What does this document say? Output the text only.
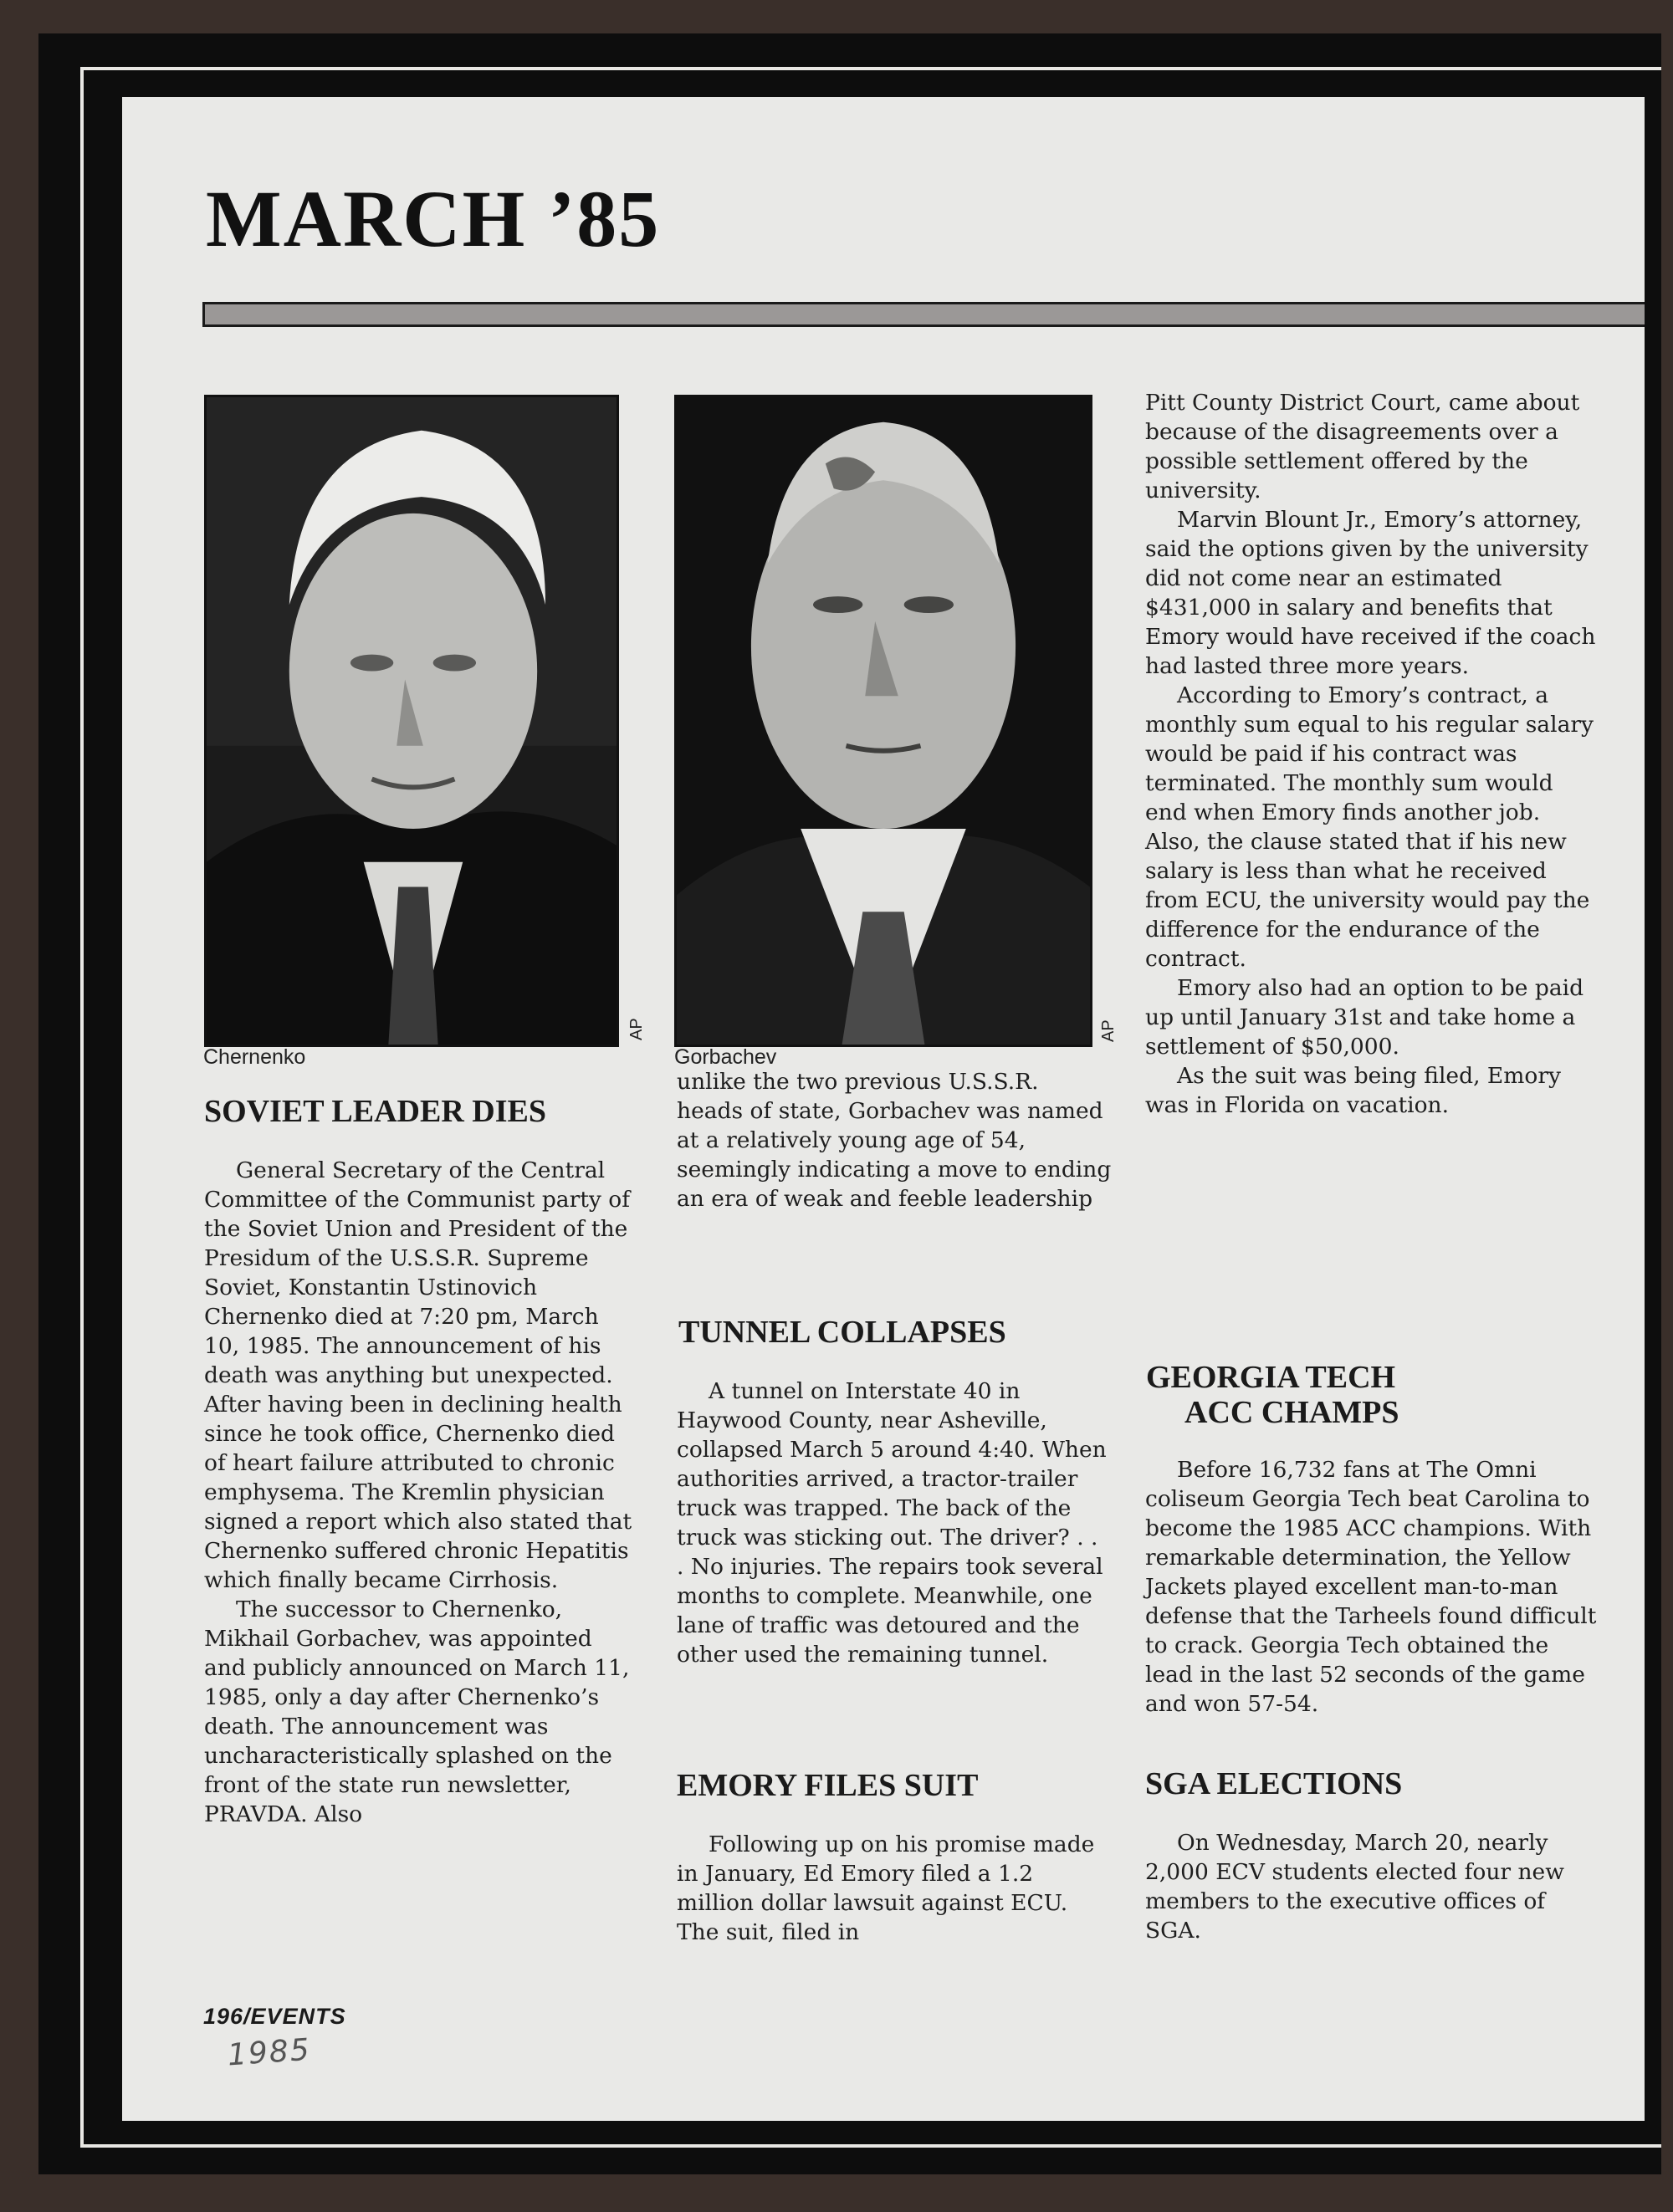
MARCH ’85
Chernenko
AP
Gorbachev
AP
SOVIET LEADER DIES

General Secretary of the Central Committee of the Communist party of the Soviet Union and President of the Presidum of the U.S.S.R. Supreme Soviet, Konstantin Ustinovich Chernenko died at 7:20 pm, March 10, 1985. The announcement of his death was anything but unexpected. After having been in declining health since he took office, Chernenko died of heart failure attributed to chronic emphysema. The Kremlin physician signed a report which also stated that Chernenko suffered chronic Hepatitis which finally became Cirrhosis.

The successor to Chernenko, Mikhail Gorbachev, was appointed and publicly announced on March 11, 1985, only a day after Chernenko’s death. The announcement was uncharacteristically splashed on the front of the state run newsletter, PRAVDA. Also

unlike the two previous U.S.S.R. heads of state, Gorbachev was named at a relatively young age of 54, seemingly indicating a move to ending an era of weak and feeble leadership

TUNNEL COLLAPSES

A tunnel on Interstate 40 in Haywood County, near Asheville, collapsed March 5 around 4:40. When authorities arrived, a tractor-trailer truck was trapped. The back of the truck was sticking out. The driver? . . . No injuries. The repairs took several months to complete. Meanwhile, one lane of traffic was detoured and the other used the remaining tunnel.

EMORY FILES SUIT

Following up on his promise made in January, Ed Emory filed a 1.2 million dollar lawsuit against ECU. The suit, filed in

Pitt County District Court, came about because of the disagreements over a possible settlement offered by the university.

Marvin Blount Jr., Emory’s attorney, said the options given by the university did not come near an estimated $431,000 in salary and benefits that Emory would have received if the coach had lasted three more years.

According to Emory’s contract, a monthly sum equal to his regular salary would be paid if his contract was terminated. The monthly sum would end when Emory finds another job. Also, the clause stated that if his new salary is less than what he received from ECU, the university would pay the difference for the endurance of the contract.

Emory also had an option to be paid up until January 31st and take home a settlement of $50,000.

As the suit was being filed, Emory was in Florida on vacation.

GEORGIA TECH
ACC CHAMPS

Before 16,732 fans at The Omni coliseum Georgia Tech beat Carolina to become the 1985 ACC champions. With remarkable determination, the Yellow Jackets played excellent man-to-man defense that the Tarheels found difficult to crack. Georgia Tech obtained the lead in the last 52 seconds of the game and won 57-54.

SGA ELECTIONS

On Wednesday, March 20, nearly 2,000 ECV students elected four new members to the executive offices of SGA.

196/EVENTS
1985
